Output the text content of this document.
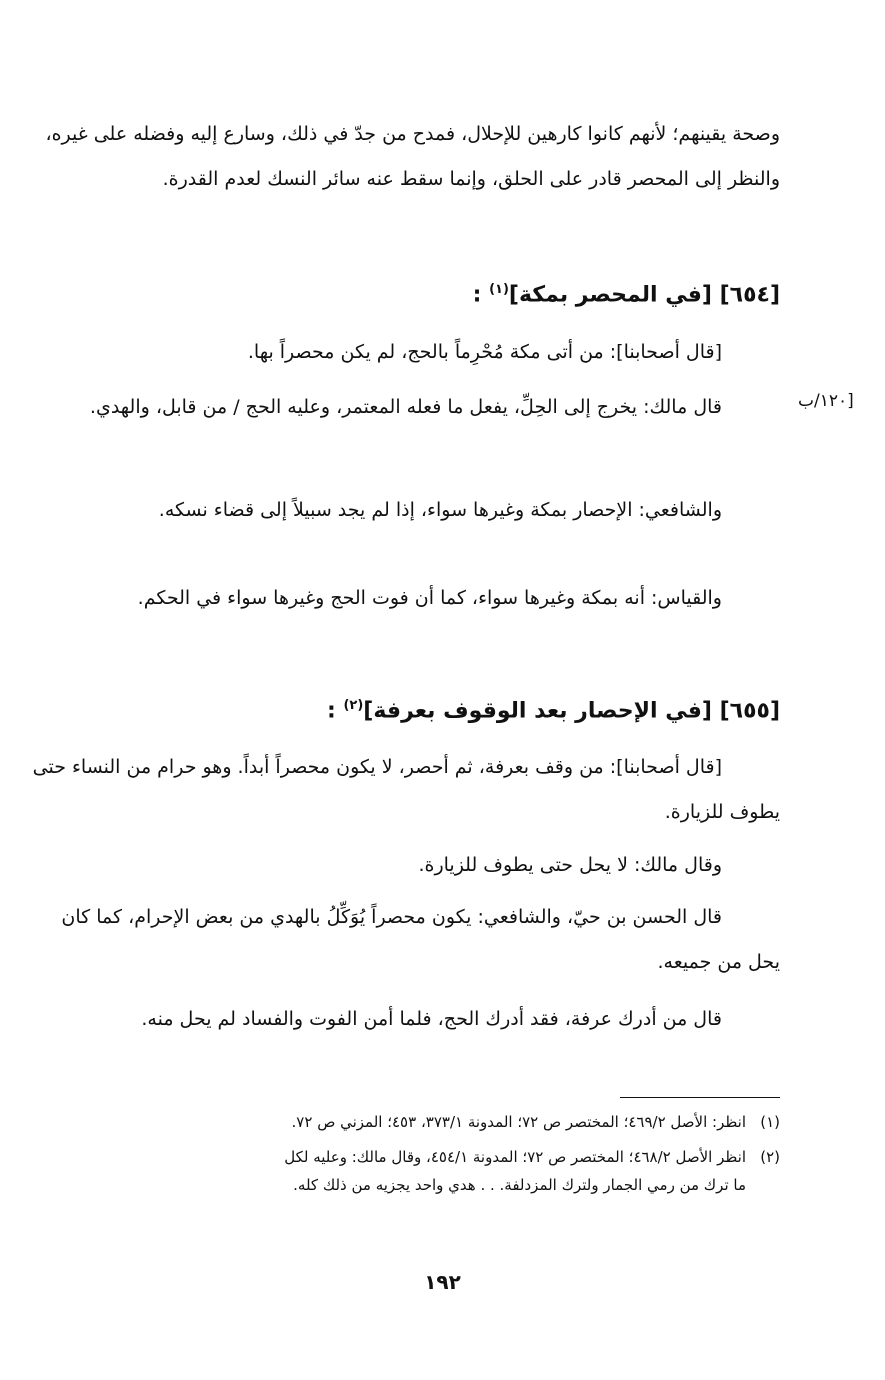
وصحة يقينهم؛ لأنهم كانوا كارهين للإحلال، فمدح من جدّ في ذلك، وسارع إليه وفضله على غيره، والنظر إلى المحصر قادر على الحلق، وإنما سقط عنه سائر النسك لعدم القدرة.
[٦٥٤] [في المحصر بمكة]$^{(١)}$ :
[قال أصحابنا]: من أتى مكة مُحْرِماً بالحج، لم يكن محصراً بها.
[١٢٠/ب
قال مالك: يخرج إلى الحِلِّ، يفعل ما فعله المعتمر، وعليه الحج / من قابل، والهدي.
والشافعي: الإحصار بمكة وغيرها سواء، إذا لم يجد سبيلاً إلى قضاء نسكه.
والقياس: أنه بمكة وغيرها سواء، كما أن فوت الحج وغيرها سواء في الحكم.
[٦٥٥] [في الإحصار بعد الوقوف بعرفة]$^{(٢)}$ :
[قال أصحابنا]: من وقف بعرفة، ثم أحصر، لا يكون محصراً أبداً. وهو حرام من النساء حتى يطوف للزيارة.
وقال مالك: لا يحل حتى يطوف للزيارة.
قال الحسن بن حيّ، والشافعي: يكون محصراً يُوَكِّلُ بالهدي من بعض الإحرام، كما كان يحل من جميعه.
قال من أدرك عرفة، فقد أدرك الحج، فلما أمن الفوت والفساد لم يحل منه.
(١)انظر: الأصل ٤٦٩/٢؛ المختصر ص ٧٢؛ المدونة ٣٧٣/١، ٤٥٣؛ المزني ص ٧٢.
(٢)انظر الأصل ٤٦٨/٢؛ المختصر ص ٧٢؛ المدونة ٤٥٤/١، وقال مالك: وعليه لكل
ما ترك من رمي الجمار ولترك المزدلفة. . . هدي واحد يجزيه من ذلك كله.
١٩٢
